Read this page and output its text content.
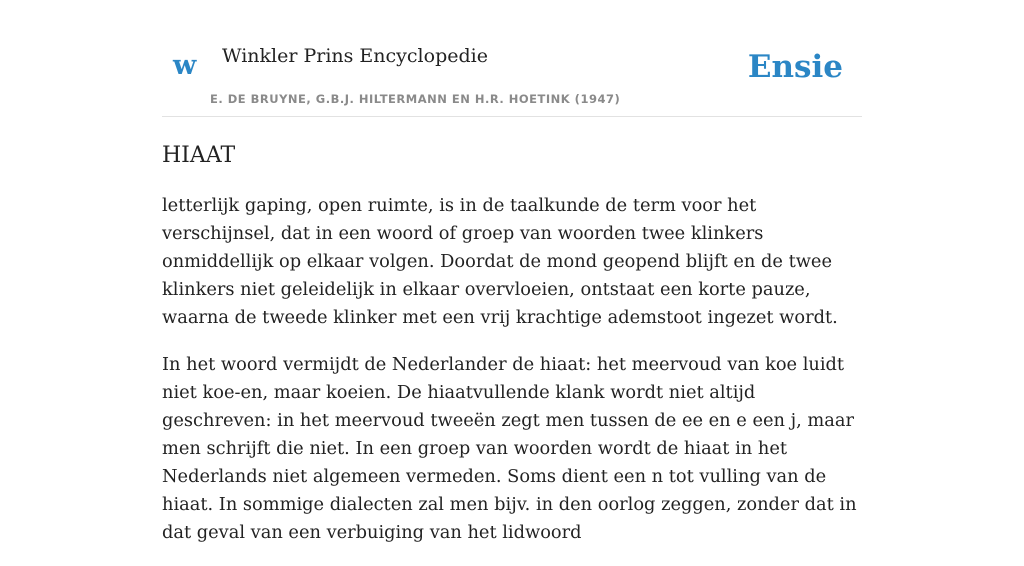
w Winkler Prins Encyclopedie
E. DE BRUYNE, G.B.J. HILTERMANN EN H.R. HOETINK (1947)
Ensie
HIAAT

letterlijk gaping, open ruimte, is in de taalkunde de term voor het verschijnsel, dat in een woord of groep van woorden twee klinkers onmiddellijk op elkaar volgen. Doordat de mond geopend blijft en de twee klinkers niet geleidelijk in elkaar overvloeien, ontstaat een korte pauze, waarna de tweede klinker met een vrij krachtige ademstoot ingezet wordt.

In het woord vermijdt de Nederlander de hiaat: het meervoud van koe luidt niet koe-en, maar koeien. De hiaatvullende klank wordt niet altijd geschreven: in het meervoud tweeën zegt men tussen de ee en e een j, maar men schrijft die niet. In een groep van woorden wordt de hiaat in het Nederlands niet algemeen vermeden. Soms dient een n tot vulling van de hiaat. In sommige dialecten zal men bijv. in den oorlog zeggen, zonder dat in dat geval van een verbuiging van het lidwoord
